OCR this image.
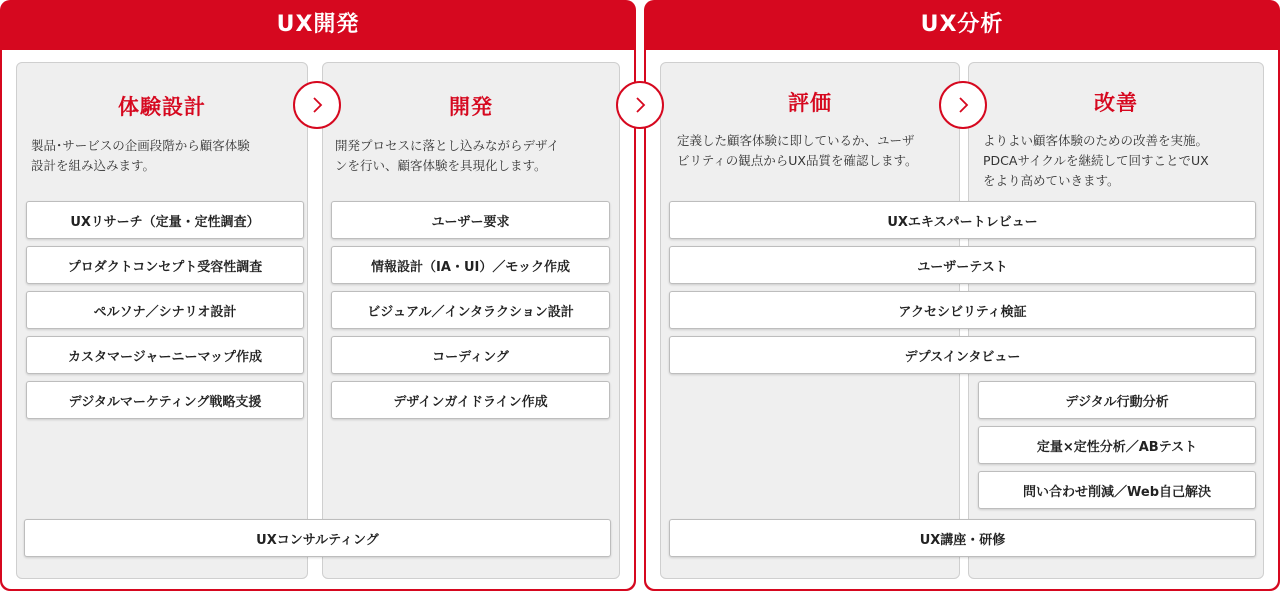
UX開発
体験設計
製品･サービスの企画段階から顧客体験
設計を組み込みます。
UXリサーチ（定量・定性調査）
プロダクトコンセプト受容性調査
ペルソナ／シナリオ設計
カスタマージャーニーマップ作成
デジタルマーケティング戦略支援
開発
開発プロセスに落とし込みながらデザイ
ンを行い、顧客体験を具現化します。
ユーザー要求
情報設計（IA・UI）／モック作成
ビジュアル／インタラクション設計
コーディング
デザインガイドライン作成
UXコンサルティング
UX分析
評価
定義した顧客体験に即しているか、ユーザ
ビリティの観点からUX品質を確認します。
改善
よりよい顧客体験のための改善を実施。
PDCAサイクルを継続して回すことでUX
をより高めていきます。
デジタル行動分析
定量×定性分析／ABテスト
問い合わせ削減／Web自己解決
UXエキスパートレビュー
ユーザーテスト
アクセシビリティ検証
デプスインタビュー
UX講座・研修
